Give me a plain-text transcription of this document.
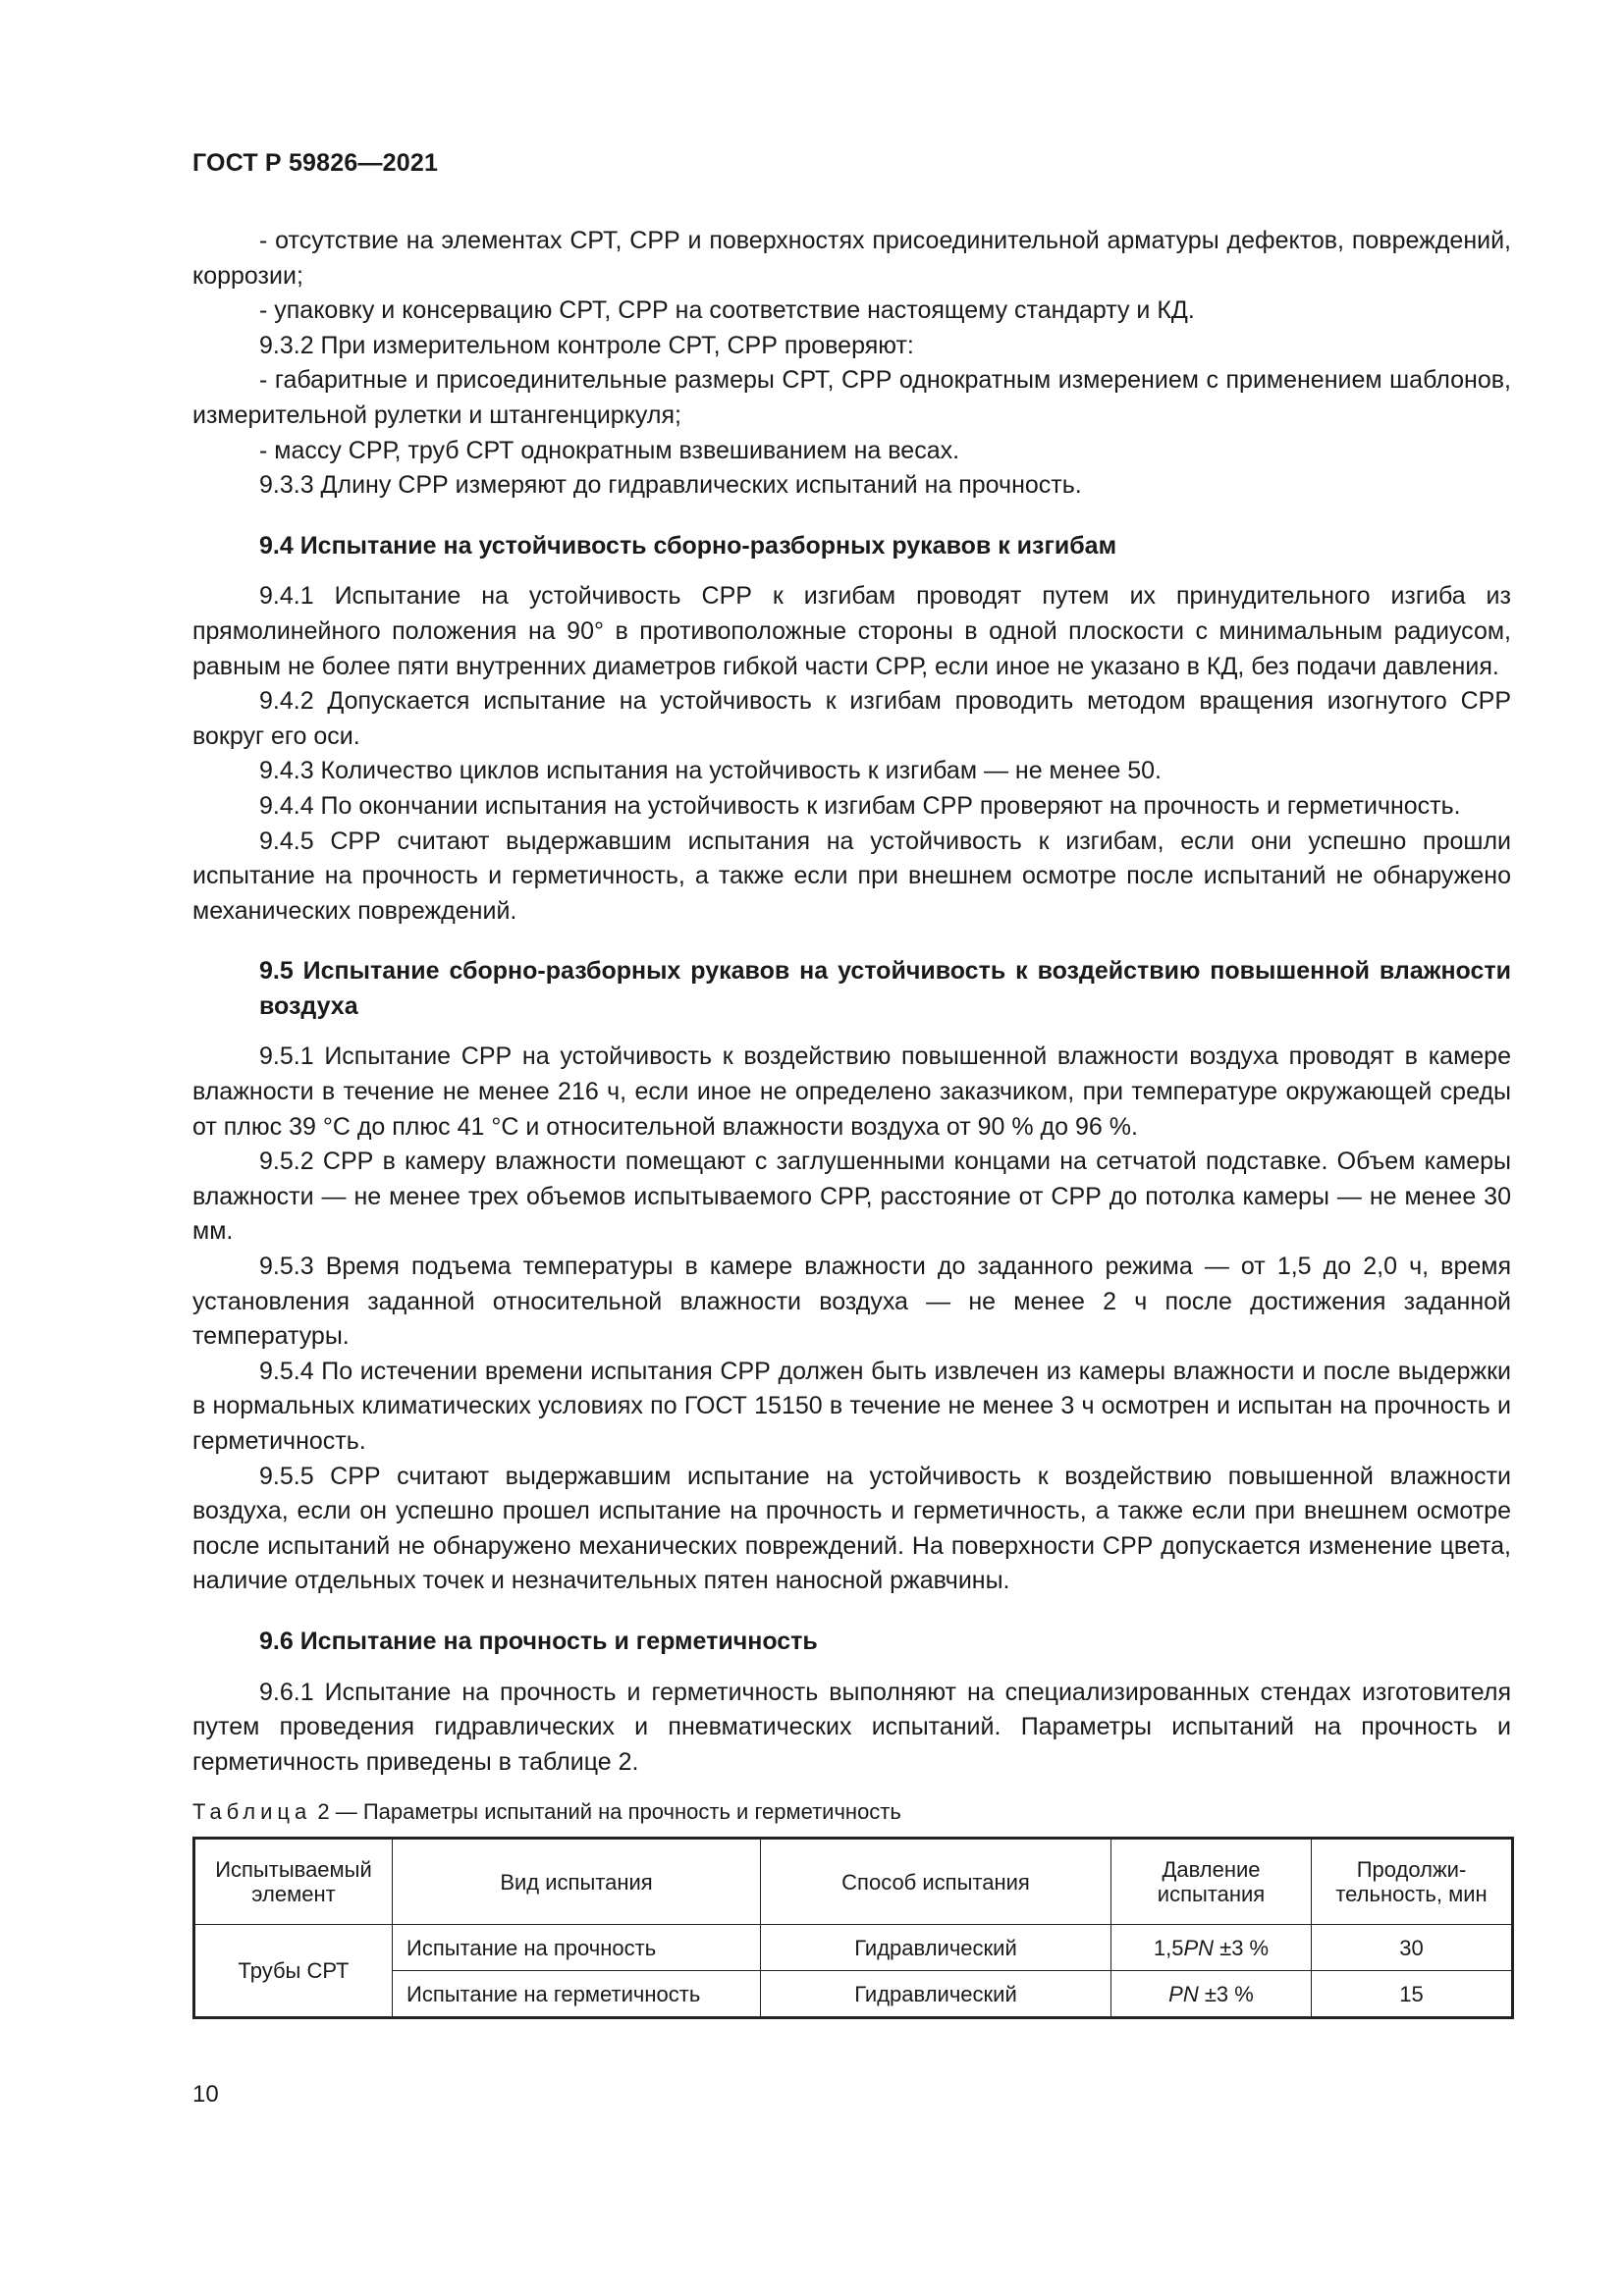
ГОСТ Р 59826—2021

- отсутствие на элементах СРТ, СРР и поверхностях присоединительной арматуры дефектов, повреждений, коррозии;

- упаковку и консервацию СРТ, СРР на соответствие настоящему стандарту и КД.

9.3.2 При измерительном контроле СРТ, СРР проверяют:

- габаритные и присоединительные размеры СРТ, СРР однократным измерением с применением шаблонов, измерительной рулетки и штангенциркуля;

- массу СРР, труб СРТ однократным взвешиванием на весах.

9.3.3 Длину СРР измеряют до гидравлических испытаний на прочность.

9.4 Испытание на устойчивость сборно-разборных рукавов к изгибам

9.4.1 Испытание на устойчивость СРР к изгибам проводят путем их принудительного изгиба из прямолинейного положения на 90° в противоположные стороны в одной плоскости с минимальным радиусом, равным не более пяти внутренних диаметров гибкой части СРР, если иное не указано в КД, без подачи давления.

9.4.2 Допускается испытание на устойчивость к изгибам проводить методом вращения изогнутого СРР вокруг его оси.

9.4.3 Количество циклов испытания на устойчивость к изгибам — не менее 50.

9.4.4 По окончании испытания на устойчивость к изгибам СРР проверяют на прочность и герметичность.

9.4.5 СРР считают выдержавшим испытания на устойчивость к изгибам, если они успешно прошли испытание на прочность и герметичность, а также если при внешнем осмотре после испытаний не обнаружено механических повреждений.

9.5 Испытание сборно-разборных рукавов на устойчивость к воздействию повышенной влажности воздуха

9.5.1 Испытание СРР на устойчивость к воздействию повышенной влажности воздуха проводят в камере влажности в течение не менее 216 ч, если иное не определено заказчиком, при температуре окружающей среды от плюс 39 °С до плюс 41 °С и относительной влажности воздуха от 90 % до 96 %.

9.5.2 СРР в камеру влажности помещают с заглушенными концами на сетчатой подставке. Объем камеры влажности — не менее трех объемов испытываемого СРР, расстояние от СРР до потолка камеры — не менее 30 мм.

9.5.3 Время подъема температуры в камере влажности до заданного режима — от 1,5 до 2,0 ч, время установления заданной относительной влажности воздуха — не менее 2 ч после достижения заданной температуры.

9.5.4 По истечении времени испытания СРР должен быть извлечен из камеры влажности и после выдержки в нормальных климатических условиях по ГОСТ 15150 в течение не менее 3 ч осмотрен и испытан на прочность и герметичность.

9.5.5 СРР считают выдержавшим испытание на устойчивость к воздействию повышенной влажности воздуха, если он успешно прошел испытание на прочность и герметичность, а также если при внешнем осмотре после испытаний не обнаружено механических повреждений. На поверхности СРР допускается изменение цвета, наличие отдельных точек и незначительных пятен наносной ржавчины.

9.6 Испытание на прочность и герметичность

9.6.1 Испытание на прочность и герметичность выполняют на специализированных стендах изготовителя путем проведения гидравлических и пневматических испытаний. Параметры испытаний на прочность и герметичность приведены в таблице 2.

Таблица 2 — Параметры испытаний на прочность и герметичность
Испытываемый элемент	Вид испытания	Способ испытания	Давление испытания	Продолжи-тельность, мин
Трубы СРТ	Испытание на прочность	Гидравлический	1,5PN ±3 %	30
	Испытание на герметичность	Гидравлический	PN ±3 %	15
10
